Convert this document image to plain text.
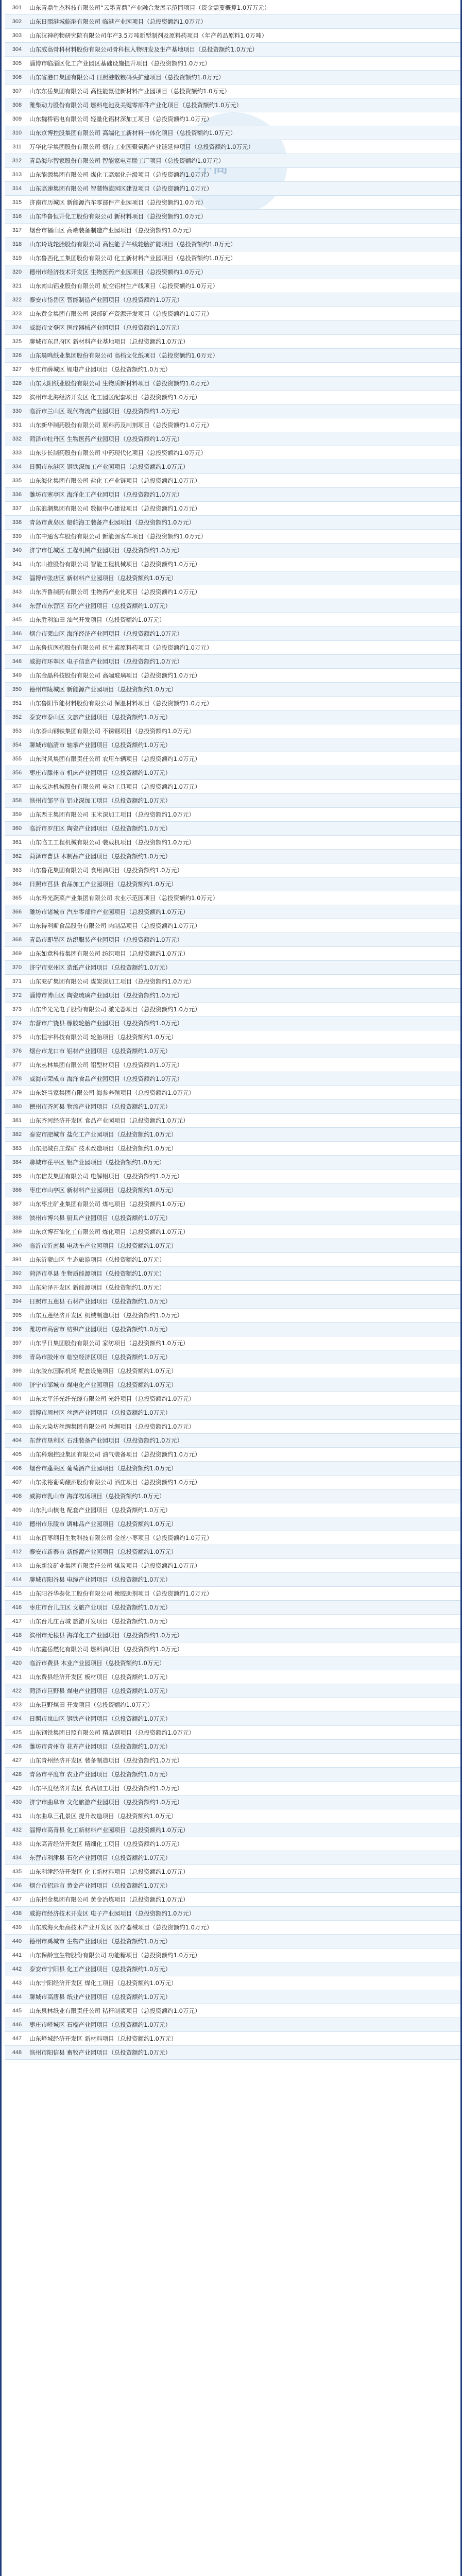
301	山东青鼎生态科技有限公司“云墨青鼎”产业融合发展示范园项目（资金需要概算1.0万万元）
302	山东日照港城临港有限公司 临港产业园项目（总投资额约1.0万元）
303	山东汉神药物研究院有限公司年产3.5万吨新型制剂及原料药项目（年产药品原料1.0万吨）
304	山东威高骨科材料股份有限公司骨科植入物研发及生产基地项目（总投资额约1.0万元）
305	淄博市临淄区化工产业园区基础设施提升项目（总投资额约1.0万元）
306	山东省港口集团有限公司 日照港散粮码头扩建项目（总投资额约1.0万元）
307	山东东岳集团有限公司 高性能氟硅新材料产业园项目（总投资额约1.0万元）
308	潍柴动力股份有限公司 燃料电池及关键零部件产业化项目（总投资额约1.0万元）
309	山东魏桥铝电有限公司 轻量化铝材深加工项目（总投资额约1.0万元）
310	山东京博控股集团有限公司 高端化工新材料一体化项目（总投资额约1.0万元）
311	万华化学集团股份有限公司 烟台工业园聚氨酯产业链延伸项目（总投资额约1.0万元）
312	青岛海尔智家股份有限公司 智能家电互联工厂项目（总投资额约1.0万元）
313	山东能源集团有限公司 煤化工高端化升级项目（总投资额约1.0万元）
314	山东高速集团有限公司 智慧物流园区建设项目（总投资额约1.0万元）
315	济南市历城区 新能源汽车零部件产业园项目（总投资额约1.0万元）
316	山东华鲁恒升化工股份有限公司 新材料项目（总投资额约1.0万元）
317	烟台市福山区 高端装备制造产业园项目（总投资额约1.0万元）
318	山东玲珑轮胎股份有限公司 高性能子午线轮胎扩能项目（总投资额约1.0万元）
319	山东鲁西化工集团股份有限公司 化工新材料产业园项目（总投资额约1.0万元）
320	德州市经济技术开发区 生物医药产业园项目（总投资额约1.0万元）
321	山东南山铝业股份有限公司 航空铝材生产线项目（总投资额约1.0万元）
322	泰安市岱岳区 智能制造产业园项目（总投资额约1.0万元）
323	山东黄金集团有限公司 深部矿产资源开发项目（总投资额约1.0万元）
324	威海市文登区 医疗器械产业园项目（总投资额约1.0万元）
325	聊城市东昌府区 新材料产业基地项目（总投资额约1.0万元）
326	山东晨鸣纸业集团股份有限公司 高档文化纸项目（总投资额约1.0万元）
327	枣庄市薛城区 锂电产业园项目（总投资额约1.0万元）
328	山东太阳纸业股份有限公司 生物质新材料项目（总投资额约1.0万元）
329	滨州市北海经济开发区 化工园区配套项目（总投资额约1.0万元）
330	临沂市兰山区 现代物流产业园项目（总投资额约1.0万元）
331	山东新华制药股份有限公司 原料药及制剂项目（总投资额约1.0万元）
332	菏泽市牡丹区 生物医药产业园项目（总投资额约1.0万元）
333	山东步长制药股份有限公司 中药现代化项目（总投资额约1.0万元）
334	日照市东港区 钢铁深加工产业园项目（总投资额约1.0万元）
335	山东海化集团有限公司 盐化工产业链项目（总投资额约1.0万元）
336	潍坊市寒亭区 海洋化工产业园项目（总投资额约1.0万元）
337	山东浪潮集团有限公司 数据中心建设项目（总投资额约1.0万元）
338	青岛市黄岛区 船舶海工装备产业园项目（总投资额约1.0万元）
339	山东中通客车股份有限公司 新能源客车项目（总投资额约1.0万元）
340	济宁市任城区 工程机械产业园项目（总投资额约1.0万元）
341	山东山推股份有限公司 智能工程机械项目（总投资额约1.0万元）
342	淄博市张店区 新材料产业园项目（总投资额约1.0万元）
343	山东齐鲁制药有限公司 生物药产业化项目（总投资额约1.0万元）
344	东营市东营区 石化产业园项目（总投资额约1.0万元）
345	山东胜利油田 油气开发项目（总投资额约1.0万元）
346	烟台市莱山区 海洋经济产业园项目（总投资额约1.0万元）
347	山东鲁抗医药股份有限公司 抗生素原料药项目（总投资额约1.0万元）
348	威海市环翠区 电子信息产业园项目（总投资额约1.0万元）
349	山东金晶科技股份有限公司 高端玻璃项目（总投资额约1.0万元）
350	德州市陵城区 新能源产业园项目（总投资额约1.0万元）
351	山东鲁阳节能材料股份有限公司 保温材料项目（总投资额约1.0万元）
352	泰安市泰山区 文旅产业园项目（总投资额约1.0万元）
353	山东泰山钢铁集团有限公司 不锈钢项目（总投资额约1.0万元）
354	聊城市临清市 轴承产业园项目（总投资额约1.0万元）
355	山东时风集团有限责任公司 农用车辆项目（总投资额约1.0万元）
356	枣庄市滕州市 机床产业园项目（总投资额约1.0万元）
357	山东威达机械股份有限公司 电动工具项目（总投资额约1.0万元）
358	滨州市邹平市 铝业深加工项目（总投资额约1.0万元）
359	山东西王集团有限公司 玉米深加工项目（总投资额约1.0万元）
360	临沂市罗庄区 陶瓷产业园项目（总投资额约1.0万元）
361	山东临工工程机械有限公司 装载机项目（总投资额约1.0万元）
362	菏泽市曹县 木制品产业园项目（总投资额约1.0万元）
363	山东鲁花集团有限公司 食用油项目（总投资额约1.0万元）
364	日照市莒县 食品加工产业园项目（总投资额约1.0万元）
365	山东寿光蔬菜产业集团有限公司 农业示范园项目（总投资额约1.0万元）
366	潍坊市诸城市 汽车零部件产业园项目（总投资额约1.0万元）
367	山东得利斯食品股份有限公司 肉制品项目（总投资额约1.0万元）
368	青岛市即墨区 纺织服装产业园项目（总投资额约1.0万元）
369	山东如意科技集团有限公司 纺织项目（总投资额约1.0万元）
370	济宁市兖州区 造纸产业园项目（总投资额约1.0万元）
371	山东兖矿集团有限公司 煤炭深加工项目（总投资额约1.0万元）
372	淄博市博山区 陶瓷琉璃产业园项目（总投资额约1.0万元）
373	山东华光光电子股份有限公司 激光器项目（总投资额约1.0万元）
374	东营市广饶县 橡胶轮胎产业园项目（总投资额约1.0万元）
375	山东恒宇科技有限公司 轮胎项目（总投资额约1.0万元）
376	烟台市龙口市 铝材产业园项目（总投资额约1.0万元）
377	山东丛林集团有限公司 铝型材项目（总投资额约1.0万元）
378	威海市荣成市 海洋食品产业园项目（总投资额约1.0万元）
379	山东好当家集团有限公司 海参养殖项目（总投资额约1.0万元）
380	德州市齐河县 物流产业园项目（总投资额约1.0万元）
381	山东齐河经济开发区 食品产业园项目（总投资额约1.0万元）
382	泰安市肥城市 盐化工产业园项目（总投资额约1.0万元）
383	山东肥城白庄煤矿 技术改造项目（总投资额约1.0万元）
384	聊城市茌平区 铝产业园项目（总投资额约1.0万元）
385	山东信发集团有限公司 电解铝项目（总投资额约1.0万元）
386	枣庄市山亭区 新材料产业园项目（总投资额约1.0万元）
387	山东枣庄矿业集团有限公司 煤电项目（总投资额约1.0万元）
388	滨州市博兴县 厨具产业园项目（总投资额约1.0万元）
389	山东京博石油化工有限公司 炼化项目（总投资额约1.0万元）
390	临沂市沂南县 电动车产业园项目（总投资额约1.0万元）
391	山东沂蒙山区 生态旅游项目（总投资额约1.0万元）
392	菏泽市单县 生物质能源项目（总投资额约1.0万元）
393	山东菏泽开发区 新能源项目（总投资额约1.0万元）
394	日照市五莲县 石材产业园项目（总投资额约1.0万元）
395	山东五莲经济开发区 机械制造项目（总投资额约1.0万元）
396	潍坊市高密市 纺织产业园项目（总投资额约1.0万元）
397	山东孚日集团股份有限公司 家纺项目（总投资额约1.0万元）
398	青岛市胶州市 临空经济区项目（总投资额约1.0万元）
399	山东胶东国际机场 配套设施项目（总投资额约1.0万元）
400	济宁市邹城市 煤电化产业园项目（总投资额约1.0万元）
401	山东太平洋光纤光缆有限公司 光纤项目（总投资额约1.0万元）
402	淄博市周村区 丝绸产业园项目（总投资额约1.0万元）
403	山东大染坊丝绸集团有限公司 丝绸项目（总投资额约1.0万元）
404	东营市垦利区 石油装备产业园项目（总投资额约1.0万元）
405	山东科瑞控股集团有限公司 油气装备项目（总投资额约1.0万元）
406	烟台市蓬莱区 葡萄酒产业园项目（总投资额约1.0万元）
407	山东张裕葡萄酿酒股份有限公司 酒庄项目（总投资额约1.0万元）
408	威海市乳山市 海洋牧场项目（总投资额约1.0万元）
409	山东乳山核电 配套产业园项目（总投资额约1.0万元）
410	德州市乐陵市 调味品产业园项目（总投资额约1.0万元）
411	山东百枣纲目生物科技有限公司 金丝小枣项目（总投资额约1.0万元）
412	泰安市新泰市 新能源产业园项目（总投资额约1.0万元）
413	山东新汶矿业集团有限责任公司 煤炭项目（总投资额约1.0万元）
414	聊城市阳谷县 电缆产业园项目（总投资额约1.0万元）
415	山东阳谷华泰化工股份有限公司 橡胶助剂项目（总投资额约1.0万元）
416	枣庄市台儿庄区 文旅产业项目（总投资额约1.0万元）
417	山东台儿庄古城 旅游开发项目（总投资额约1.0万元）
418	滨州市无棣县 海洋化工产业园项目（总投资额约1.0万元）
419	山东鑫岳燃化有限公司 燃料油项目（总投资额约1.0万元）
420	临沂市费县 木业产业园项目（总投资额约1.0万元）
421	山东费县经济开发区 板材项目（总投资额约1.0万元）
422	菏泽市巨野县 煤电产业园项目（总投资额约1.0万元）
423	山东巨野煤田 开发项目（总投资额约1.0万元）
424	日照市岚山区 钢铁产业园项目（总投资额约1.0万元）
425	山东钢铁集团日照有限公司 精品钢项目（总投资额约1.0万元）
426	潍坊市青州市 花卉产业园项目（总投资额约1.0万元）
427	山东青州经济开发区 装备制造项目（总投资额约1.0万元）
428	青岛市平度市 农业产业园项目（总投资额约1.0万元）
429	山东平度经济开发区 食品加工项目（总投资额约1.0万元）
430	济宁市曲阜市 文化旅游产业园项目（总投资额约1.0万元）
431	山东曲阜三孔景区 提升改造项目（总投资额约1.0万元）
432	淄博市高青县 化工新材料产业园项目（总投资额约1.0万元）
433	山东高青经济开发区 精细化工项目（总投资额约1.0万元）
434	东营市利津县 石化产业园项目（总投资额约1.0万元）
435	山东利津经济开发区 化工新材料项目（总投资额约1.0万元）
436	烟台市招远市 黄金产业园项目（总投资额约1.0万元）
437	山东招金集团有限公司 黄金冶炼项目（总投资额约1.0万元）
438	威海市经济技术开发区 电子产业园项目（总投资额约1.0万元）
439	山东威海火炬高技术产业开发区 医疗器械项目（总投资额约1.0万元）
440	德州市禹城市 生物产业园项目（总投资额约1.0万元）
441	山东保龄宝生物股份有限公司 功能糖项目（总投资额约1.0万元）
442	泰安市宁阳县 化工产业园项目（总投资额约1.0万元）
443	山东宁阳经济开发区 煤化工项目（总投资额约1.0万元）
444	聊城市高唐县 纸业产业园项目（总投资额约1.0万元）
445	山东泉林纸业有限责任公司 秸秆制浆项目（总投资额约1.0万元）
446	枣庄市峄城区 石榴产业园项目（总投资额约1.0万元）
447	山东峄城经济开发区 新材料项目（总投资额约1.0万元）
448	滨州市阳信县 畜牧产业园项目（总投资额约1.0万元）
